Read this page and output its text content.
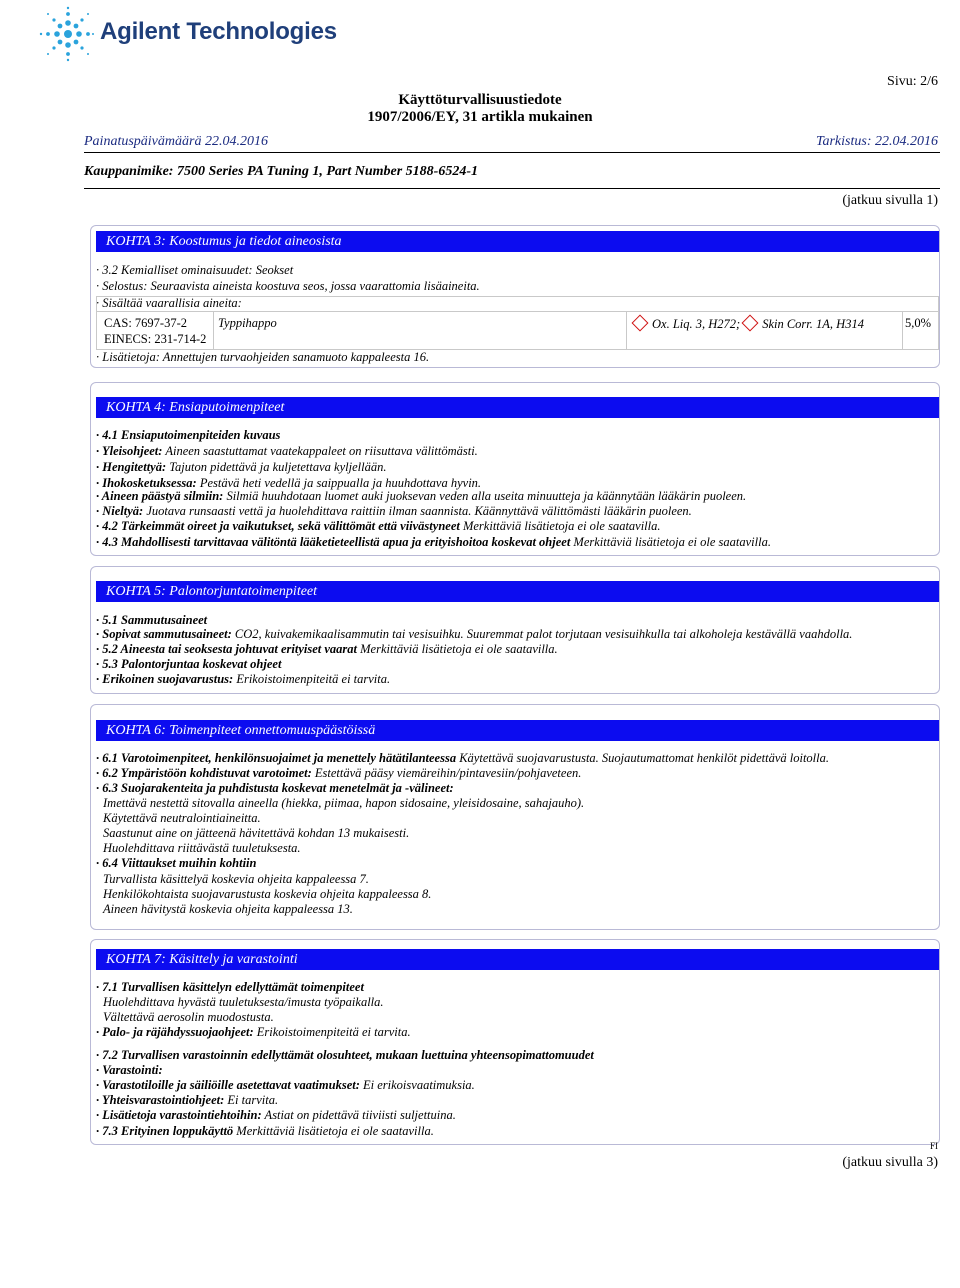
Agilent Technologies
Sivu: 2/6
Käyttöturvallisuustiedote
1907/2006/EY, 31 artikla mukainen
Painatuspäivämäärä 22.04.2016	Tarkistus: 22.04.2016
Kauppanimike: 7500 Series PA Tuning 1, Part Number 5188-6524-1
(jatkuu sivulla 1)
KOHTA 3: Koostumus ja tiedot aineosista
· 3.2 Kemialliset ominaisuudet: Seokset
· Selostus: Seuraavista aineista koostuva seos, jossa vaarattomia lisäaineita.
· Sisältää vaarallisia aineita:
CAS: 7697-37-2
EINECS: 231-714-2
Typpihappo	Ox. Liq. 3, H272; Skin Corr. 1A, H314	5,0%
· Lisätietoja: Annettujen turvaohjeiden sanamuoto kappaleesta 16.
KOHTA 4: Ensiaputoimenpiteet
· 4.1 Ensiaputoimenpiteiden kuvaus
· Yleisohjeet: Aineen saastuttamat vaatekappaleet on riisuttava välittömästi.
· Hengitettyä: Tajuton pidettävä ja kuljetettava kyljellään.
· Ihokosketuksessa: Pestävä heti vedellä ja saippualla ja huuhdottava hyvin.
· Aineen päästyä silmiin: Silmiä huuhdotaan luomet auki juoksevan veden alla useita minuutteja ja käännytään lääkärin puoleen.
· Nieltyä: Juotava runsaasti vettä ja huolehdittava raittiin ilman saannista. Käännyttävä välittömästi lääkärin puoleen.
· 4.2 Tärkeimmät oireet ja vaikutukset, sekä välittömät että viivästyneet Merkittäviä lisätietoja ei ole saatavilla.
· 4.3 Mahdollisesti tarvittavaa välitöntä lääketieteellistä apua ja erityishoitoa koskevat ohjeet Merkittäviä lisätietoja ei ole saatavilla.
KOHTA 5: Palontorjuntatoimenpiteet
· 5.1 Sammutusaineet
· Sopivat sammutusaineet: CO2, kuivakemikaalisammutin tai vesisuihku. Suuremmat palot torjutaan vesisuihkulla tai alkoholeja kestävällä vaahdolla.
· 5.2 Aineesta tai seoksesta johtuvat erityiset vaarat Merkittäviä lisätietoja ei ole saatavilla.
· 5.3 Palontorjuntaa koskevat ohjeet
· Erikoinen suojavarustus: Erikoistoimenpiteitä ei tarvita.
KOHTA 6: Toimenpiteet onnettomuuspäästöissä
· 6.1 Varotoimenpiteet, henkilönsuojaimet ja menettely hätätilanteessa Käytettävä suojavarustusta. Suojautumattomat henkilöt pidettävä loitolla.
· 6.2 Ympäristöön kohdistuvat varotoimet: Estettävä pääsy viemäreihin/pintavesiin/pohjaveteen.
· 6.3 Suojarakenteita ja puhdistusta koskevat menetelmät ja -välineet:
Imettävä nestettä sitovalla aineella (hiekka, piimaa, hapon sidosaine, yleisidosaine, sahajauho).
Käytettävä neutralointiaineitta.
Saastunut aine on jätteenä hävitettävä kohdan 13 mukaisesti.
Huolehdittava riittävästä tuuletuksesta.
· 6.4 Viittaukset muihin kohtiin
Turvallista käsittelyä koskevia ohjeita kappaleessa 7.
Henkilökohtaista suojavarustusta koskevia ohjeita kappaleessa 8.
Aineen hävitystä koskevia ohjeita kappaleessa 13.
KOHTA 7: Käsittely ja varastointi
· 7.1 Turvallisen käsittelyn edellyttämät toimenpiteet
Huolehdittava hyvästä tuuletuksesta/imusta työpaikalla.
Vältettävä aerosolin muodostusta.
· Palo- ja räjähdyssuojaohjeet: Erikoistoimenpiteitä ei tarvita.
· 7.2 Turvallisen varastoinnin edellyttämät olosuhteet, mukaan luettuina yhteensopimattomuudet
· Varastointi:
· Varastotiloille ja säiliöille asetettavat vaatimukset: Ei erikoisvaatimuksia.
· Yhteisvarastointiohjeet: Ei tarvita.
· Lisätietoja varastointiehtoihin: Astiat on pidettävä tiiviisti suljettuina.
· 7.3 Erityinen loppukäyttö Merkittäviä lisätietoja ei ole saatavilla.
FI
(jatkuu sivulla 3)
